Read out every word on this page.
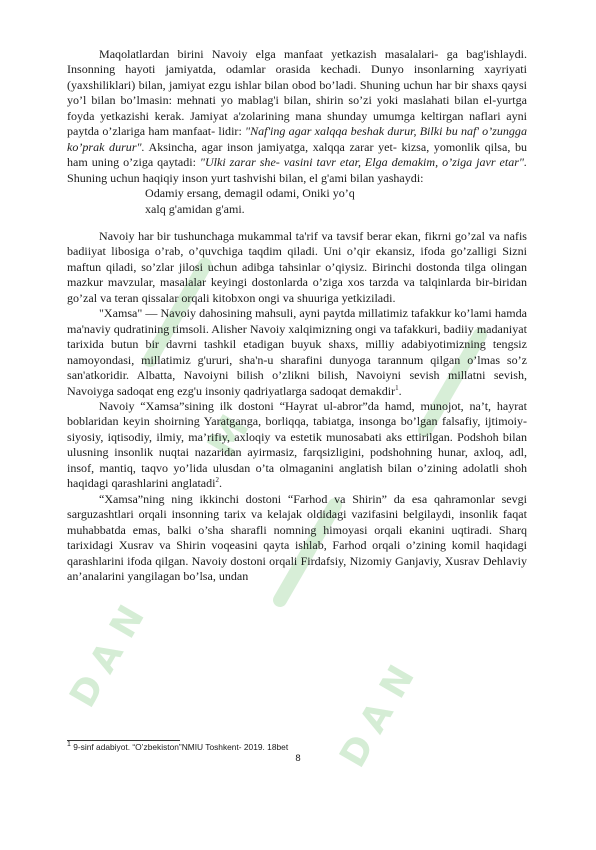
D
A
N
D
A
N
M

Maqolatlardan birini Navoiy elga manfaat yetkazish masalalari- ga bag'ishlaydi. Insonning hayoti jamiyatda, odamlar orasida kechadi. Dunyo insonlarning xayriyati (yaxshiliklari) bilan, jamiyat ezgu ishlar bilan obod bo’ladi. Shuning uchun har bir shaxs qaysi yo’l bilan bo’lmasin: mehnati yo mablag'i bilan, shirin so’zi yoki maslahati bilan el-yurtga foyda yetkazishi kerak. Jamiyat a'zolarining mana shunday umumga keltirgan naflari ayni paytda o’zlariga ham manfaat- lidir: "Naf'ing agar xalqqa beshak durur, Bilki bu naf' o’zungga ko’prak durur". Aksincha, agar inson jamiyatga, xalqqa zarar yet- kizsa, yomonlik qilsa, bu ham uning o’ziga qaytadi: "Ulki zarar she- vasini tavr etar, Elga demakim, o’ziga javr etar". Shuning uchun haqiqiy inson yurt tashvishi bilan, el g'ami bilan yashaydi:

Odamiy ersang, demagil odami, Oniki yo’q

xalq g'amidan g'ami.

Navoiy har bir tushunchaga mukammal ta'rif va tavsif berar ekan, fikrni go’zal va nafis badiiyat libosiga o’rab, o’quvchiga taqdim qiladi. Uni o’qir ekansiz, ifoda go’zalligi Sizni maftun qiladi, so’zlar jilosi uchun adibga tahsinlar o’qiysiz. Birinchi dostonda tilga olingan mazkur mavzular, masalalar keyingi dostonlarda o’ziga xos tarzda va talqinlarda bir-biridan go’zal va teran qissalar orqali kitobxon ongi va shuuriga yetkiziladi.

"Xamsa" — Navoiy dahosining mahsuli, ayni paytda millatimiz tafakkur ko’lami hamda ma'naviy qudratining timsoli. Alisher Navoiy xalqimizning ongi va tafakkuri, badiiy madaniyat tarixida butun bir davrni tashkil etadigan buyuk shaxs, milliy adabiyotimizning tengsiz namoyondasi, millatimiz g'ururi, sha'n-u sharafini dunyoga tarannum qilgan o’lmas so’z san'atkoridir. Albatta, Navoiyni bilish o’zlikni bilish, Navoiyni sevish millatni sevish, Navoiyga sadoqat eng ezg'u insoniy qadriyatlarga sadoqat demakdir$^1$.

Navoiy “Xamsa”sining ilk dostoni “Hayrat ul-abror”da hamd, munojot, na’t, hayrat boblaridan keyin shoirning Yaratganga, borliqqa, tabiatga, insonga bo’lgan falsafiy, ijtimoiy-siyosiy, iqtisodiy, ilmiy, ma’rifiy, axloqiy va estetik munosabati aks ettirilgan. Podshoh bilan ulusning insonlik nuqtai nazaridan ayirmasiz, farqsizligini, podshohning hunar, axloq, adl, insof, mantiq, taqvo yo’lida ulusdan o’ta olmaganini anglatish bilan o’zining adolatli shoh haqidagi qarashlarini anglatadi$^2$.

“Xamsa”ning ning ikkinchi dostoni “Farhod va Shirin” da esa qahramonlar sevgi sarguzashtlari orqali insonning tarix va kelajak oldidagi vazifasini belgilaydi, insonlik faqat muhabbatda emas, balki o’sha sharafli nomning himoyasi orqali ekanini uqtiradi. Sharq tarixidagi Xusrav va Shirin voqeasini qayta ishlab, Farhod orqali o’zining komil haqidagi qarashlarini ifoda qilgan. Navoiy dostoni orqali Firdafsiy, Nizomiy Ganjaviy, Xusrav Dehlaviy an’analarini yangilagan bo’lsa, undan

$^1$ 9-sinf adabiyot. “O’zbekiston”NMIU Toshkent- 2019. 18bet
8
